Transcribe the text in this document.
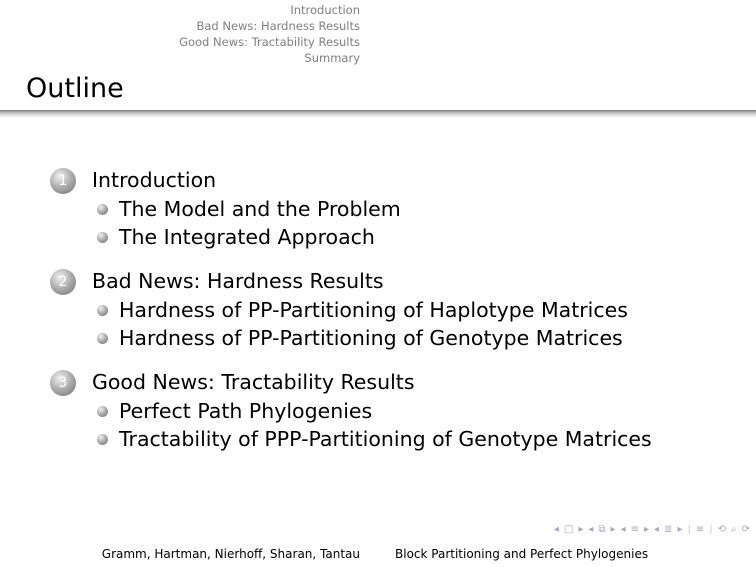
Introduction
Bad News: Hardness Results
Good News: Tractability Results
Summary
Outline
1	Introduction
The Model and the Problem
The Integrated Approach
2	Bad News: Hardness Results
Hardness of PP-Partitioning of Haplotype Matrices
Hardness of PP-Partitioning of Genotype Matrices
3	Good News: Tractability Results
Perfect Path Phylogenies
Tractability of PPP-Partitioning of Genotype Matrices
◂ □ ▸ ◂ ⧉ ▸ ◂ ≡ ▸ ◂ ≣ ▸ | ≡ | ⟲ ⌕ ⟳
Gramm, Hartman, Nierhoff, Sharan, Tantau	Block Partitioning and Perfect Phylogenies
